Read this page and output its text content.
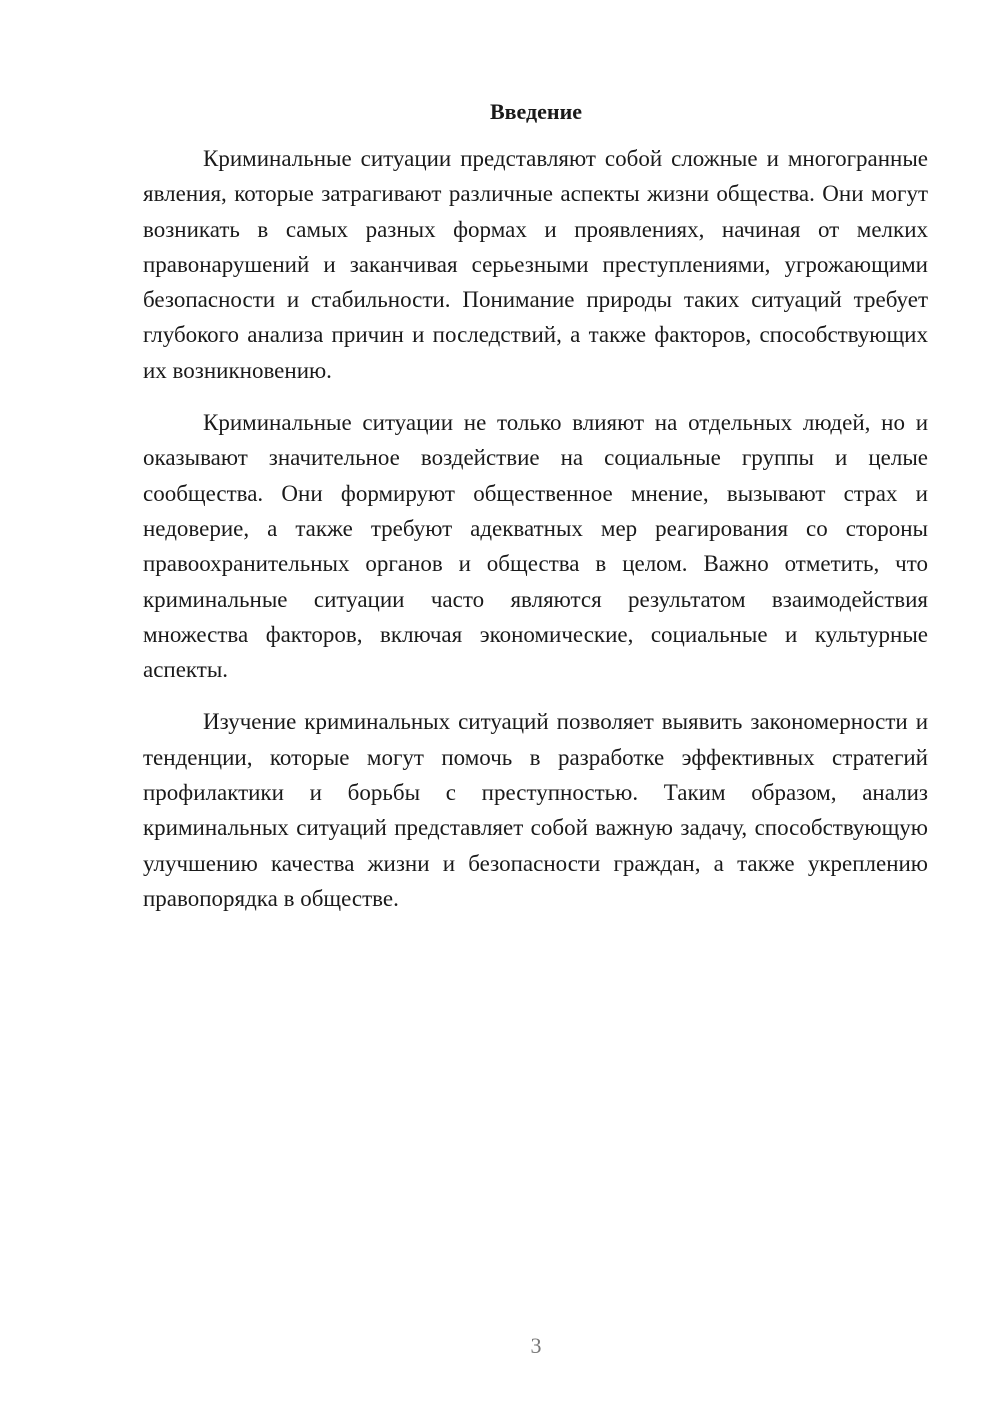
Введение

Криминальные ситуации представляют собой сложные и многогранные явления, которые затрагивают различные аспекты жизни общества. Они могут возникать в самых разных формах и проявлениях, начиная от мелких правонарушений и заканчивая серьезными преступлениями, угрожающими безопасности и стабильности. Понимание природы таких ситуаций требует глубокого анализа причин и последствий, а также факторов, способствующих их возникновению.

Криминальные ситуации не только влияют на отдельных людей, но и оказывают значительное воздействие на социальные группы и целые сообщества. Они формируют общественное мнение, вызывают страх и недоверие, а также требуют адекватных мер реагирования со стороны правоохранительных органов и общества в целом. Важно отметить, что криминальные ситуации часто являются результатом взаимодействия множества факторов, включая экономические, социальные и культурные аспекты.

Изучение криминальных ситуаций позволяет выявить закономерности и тенденции, которые могут помочь в разработке эффективных стратегий профилактики и борьбы с преступностью. Таким образом, анализ криминальных ситуаций представляет собой важную задачу, способствующую улучшению качества жизни и безопасности граждан, а также укреплению правопорядка в обществе.

3
